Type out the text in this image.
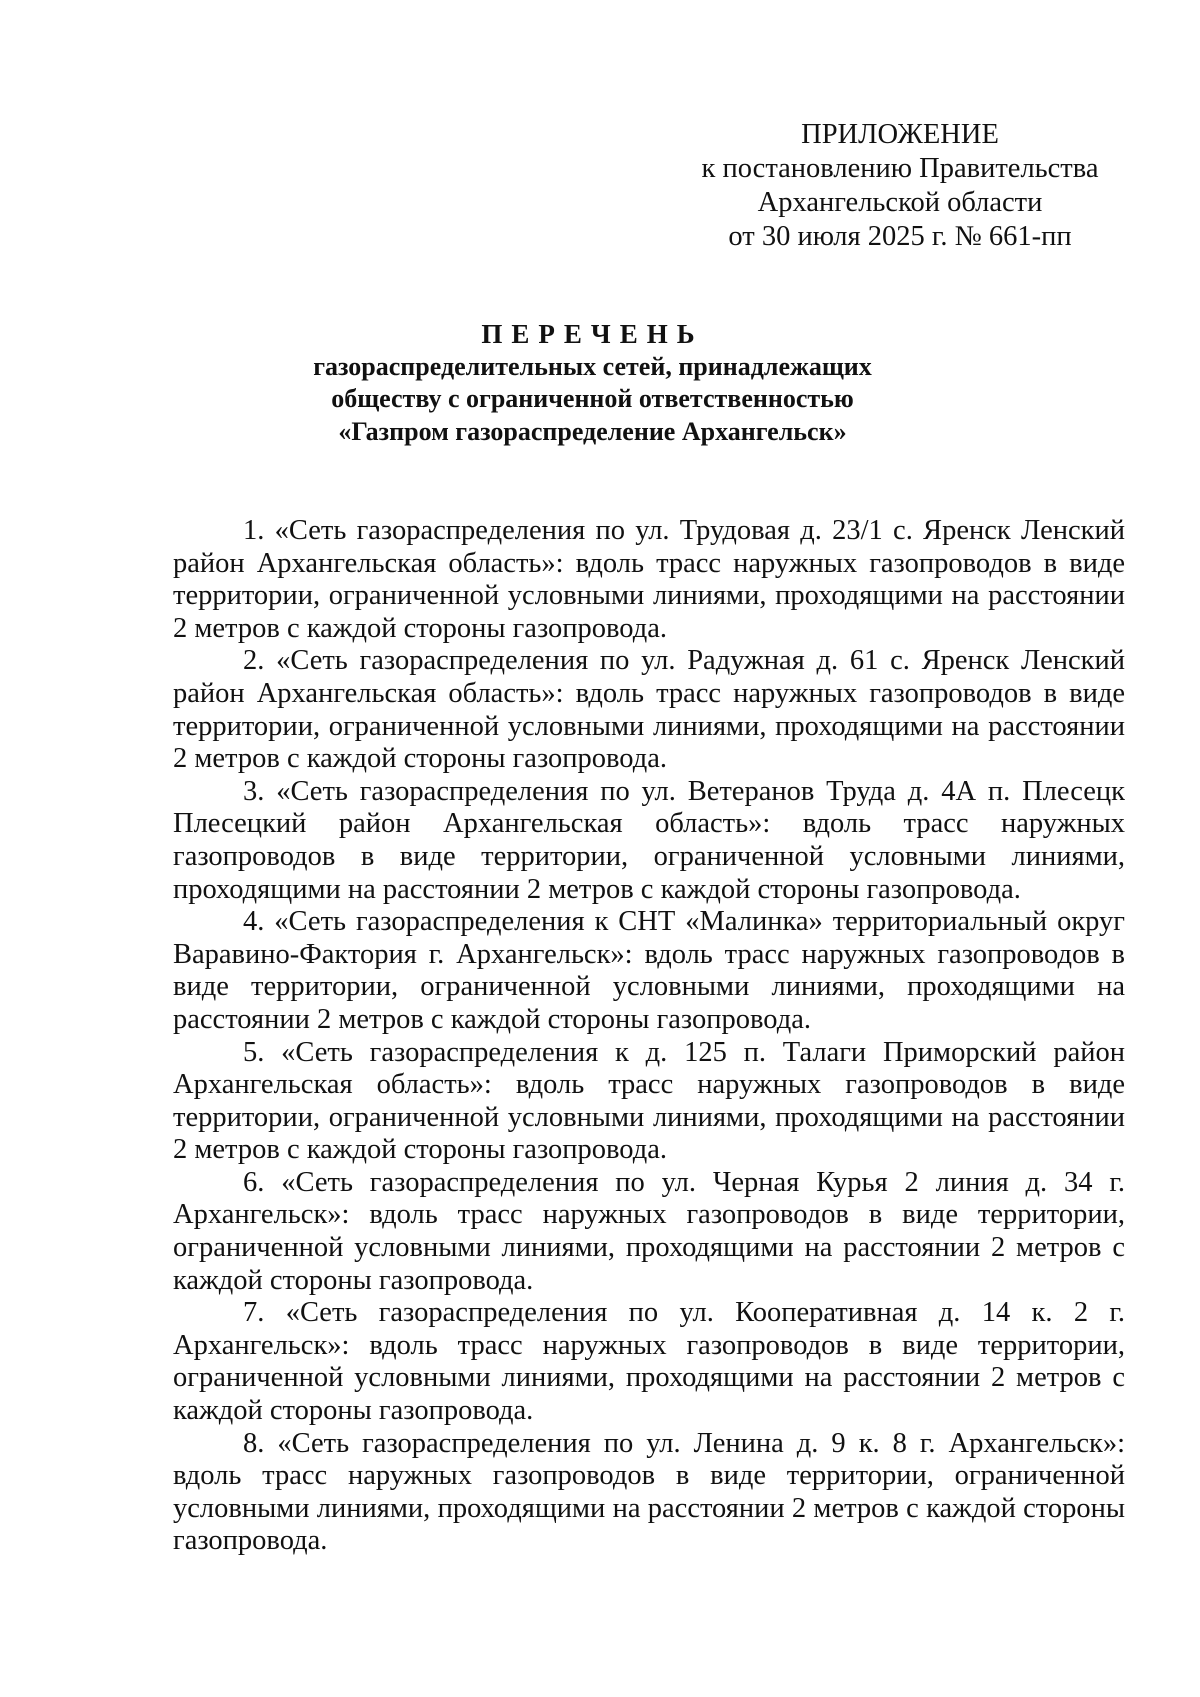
ПРИЛОЖЕНИЕ
к постановлению Правительства
Архангельской области
от 30 июля 2025 г. № 661-пп
ПЕРЕЧЕНЬ
газораспределительных сетей, принадлежащих
обществу с ограниченной ответственностью
«Газпром газораспределение Архангельск»

1. «Сеть газораспределения по ул. Трудовая д. 23/1 с. Яренск Ленский район Архангельская область»: вдоль трасс наружных газопроводов в виде территории, ограниченной условными линиями, проходящими на расстоянии 2 метров с каждой стороны газопровода.

2. «Сеть газораспределения по ул. Радужная д. 61 с. Яренск Ленский район Архангельская область»: вдоль трасс наружных газопроводов в виде территории, ограниченной условными линиями, проходящими на расстоянии 2 метров с каждой стороны газопровода.

3. «Сеть газораспределения по ул. Ветеранов Труда д. 4А п. Плесецк Плесецкий район Архангельская область»: вдоль трасс наружных газопроводов в виде территории, ограниченной условными линиями, проходящими на расстоянии 2 метров с каждой стороны газопровода.

4. «Сеть газораспределения к СНТ «Малинка» территориальный округ Варавино-Фактория г. Архангельск»: вдоль трасс наружных газопроводов в виде территории, ограниченной условными линиями, проходящими на расстоянии 2 метров с каждой стороны газопровода.

5. «Сеть газораспределения к д. 125 п. Талаги Приморский район Архангельская область»: вдоль трасс наружных газопроводов в виде территории, ограниченной условными линиями, проходящими на расстоянии 2 метров с каждой стороны газопровода.

6. «Сеть газораспределения по ул. Черная Курья 2 линия д. 34 г. Архангельск»: вдоль трасс наружных газопроводов в виде территории, ограниченной условными линиями, проходящими на расстоянии 2 метров с каждой стороны газопровода.

7. «Сеть газораспределения по ул. Кооперативная д. 14 к. 2 г. Архангельск»: вдоль трасс наружных газопроводов в виде территории, ограниченной условными линиями, проходящими на расстоянии 2 метров с каждой стороны газопровода.

8. «Сеть газораспределения по ул. Ленина д. 9 к. 8 г. Архангельск»: вдоль трасс наружных газопроводов в виде территории, ограниченной условными линиями, проходящими на расстоянии 2 метров с каждой стороны газопровода.
